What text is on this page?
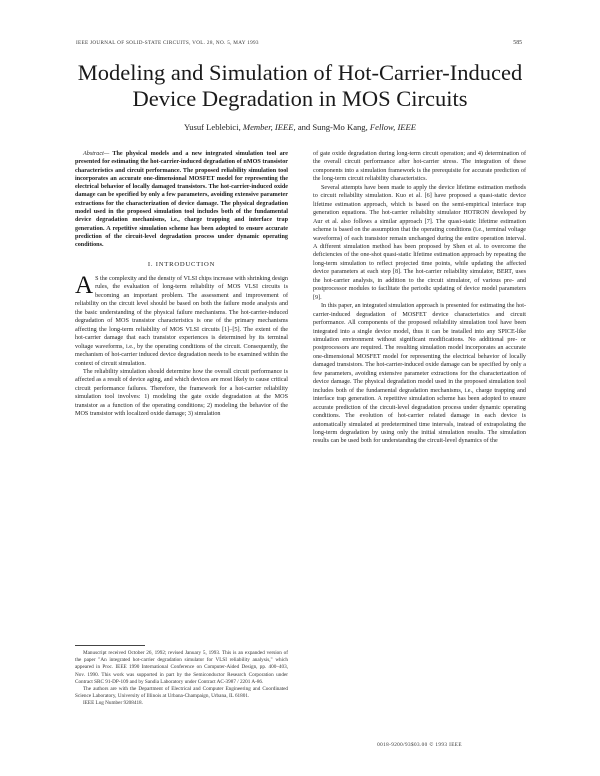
IEEE JOURNAL OF SOLID-STATE CIRCUITS, VOL. 28, NO. 5, MAY 1993	585
Modeling and Simulation of Hot-Carrier-Induced
Device Degradation in MOS Circuits
Yusuf Leblebici, Member, IEEE, and Sung-Mo Kang, Fellow, IEEE

Abstract— The physical models and a new integrated simulation tool are presented for estimating the hot-carrier-induced degradation of nMOS transistor characteristics and circuit performance. The proposed reliability simulation tool incorporates an accurate one-dimensional MOSFET model for representing the electrical behavior of locally damaged transistors. The hot-carrier-induced oxide damage can be specified by only a few parameters, avoiding extensive parameter extractions for the characterization of device damage. The physical degradation model used in the proposed simulation tool includes both of the fundamental device degradation mechanisms, i.e., charge trapping and interface trap generation. A repetitive simulation scheme has been adopted to ensure accurate prediction of the circuit-level degradation process under dynamic operating conditions.

I. INTRODUCTION

A S the complexity and the density of VLSI chips increase with shrinking design rules, the evaluation of long-term reliability of MOS VLSI circuits is becoming an important problem. The assessment and improvement of reliability on the circuit level should be based on both the failure mode analysis and the basic understanding of the physical failure mechanisms. The hot-carrier-induced degradation of MOS transistor characteristics is one of the primary mechanisms affecting the long-term reliability of MOS VLSI circuits [1]–[5]. The extent of the hot-carrier damage that each transistor experiences is determined by its terminal voltage waveforms, i.e., by the operating conditions of the circuit. Consequently, the mechanism of hot-carrier induced device degradation needs to be examined within the context of circuit simulation.

The reliability simulation should determine how the overall circuit performance is affected as a result of device aging, and which devices are most likely to cause critical circuit performance failures. Therefore, the framework for a hot-carrier reliability simulation tool involves: 1) modeling the gate oxide degradation at the MOS transistor as a function of the operating conditions; 2) modeling the behavior of the MOS transistor with localized oxide damage; 3) simulation

Manuscript received October 26, 1992; revised January 5, 1993. This is an expanded version of the paper "An integrated hot-carrier degradation simulator for VLSI reliability analysis," which appeared in Proc. IEEE 1990 International Conference on Computer-Aided Design, pp. 400–403, Nov. 1990. This work was supported in part by the Semiconductor Research Corporation under Contract SRC 91-DP-109 and by Sandia Laboratory under Contract AC-3987 / 2201 A-86.

The authors are with the Department of Electrical and Computer Engineering and Coordinated Science Laboratory, University of Illinois at Urbana-Champaign, Urbana, IL 61801.

IEEE Log Number 9208418.

of gate oxide degradation during long-term circuit operation; and 4) determination of the overall circuit performance after hot-carrier stress. The integration of these components into a simulation framework is the prerequisite for accurate prediction of the long-term circuit reliability characteristics.

Several attempts have been made to apply the device lifetime estimation methods to circuit reliability simulation. Kuo et al. [6] have proposed a quasi-static device lifetime estimation approach, which is based on the semi-empirical interface trap generation equations. The hot-carrier reliability simulator HOTRON developed by Aur et al. also follows a similar approach [7]. The quasi-static lifetime estimation scheme is based on the assumption that the operating conditions (i.e., terminal voltage waveforms) of each transistor remain unchanged during the entire operation interval. A different simulation method has been proposed by Shen et al. to overcome the deficiencies of the one-shot quasi-static lifetime estimation approach by repeating the long-term simulation to reflect projected time points, while updating the affected device parameters at each step [8]. The hot-carrier reliability simulator, BERT, uses the hot-carrier analysis, in addition to the circuit simulator, of various pre- and postprocessor modules to facilitate the periodic updating of device model parameters [9].

In this paper, an integrated simulation approach is presented for estimating the hot-carrier-induced degradation of MOSFET device characteristics and circuit performance. All components of the proposed reliability simulation tool have been integrated into a single device model, thus it can be installed into any SPICE-like simulation environment without significant modifications. No additional pre- or postprocessors are required. The resulting simulation model incorporates an accurate one-dimensional MOSFET model for representing the electrical behavior of locally damaged transistors. The hot-carrier-induced oxide damage can be specified by only a few parameters, avoiding extensive parameter extractions for the characterization of device damage. The physical degradation model used in the proposed simulation tool includes both of the fundamental degradation mechanisms, i.e., charge trapping and interface trap generation. A repetitive simulation scheme has been adopted to ensure accurate prediction of the circuit-level degradation process under dynamic operating conditions. The evolution of hot-carrier related damage in each device is automatically simulated at predetermined time intervals, instead of extrapolating the long-term degradation by using only the initial simulation results. The simulation results can be used both for understanding the circuit-level dynamics of the

0018-9200/93$03.00 © 1993 IEEE
